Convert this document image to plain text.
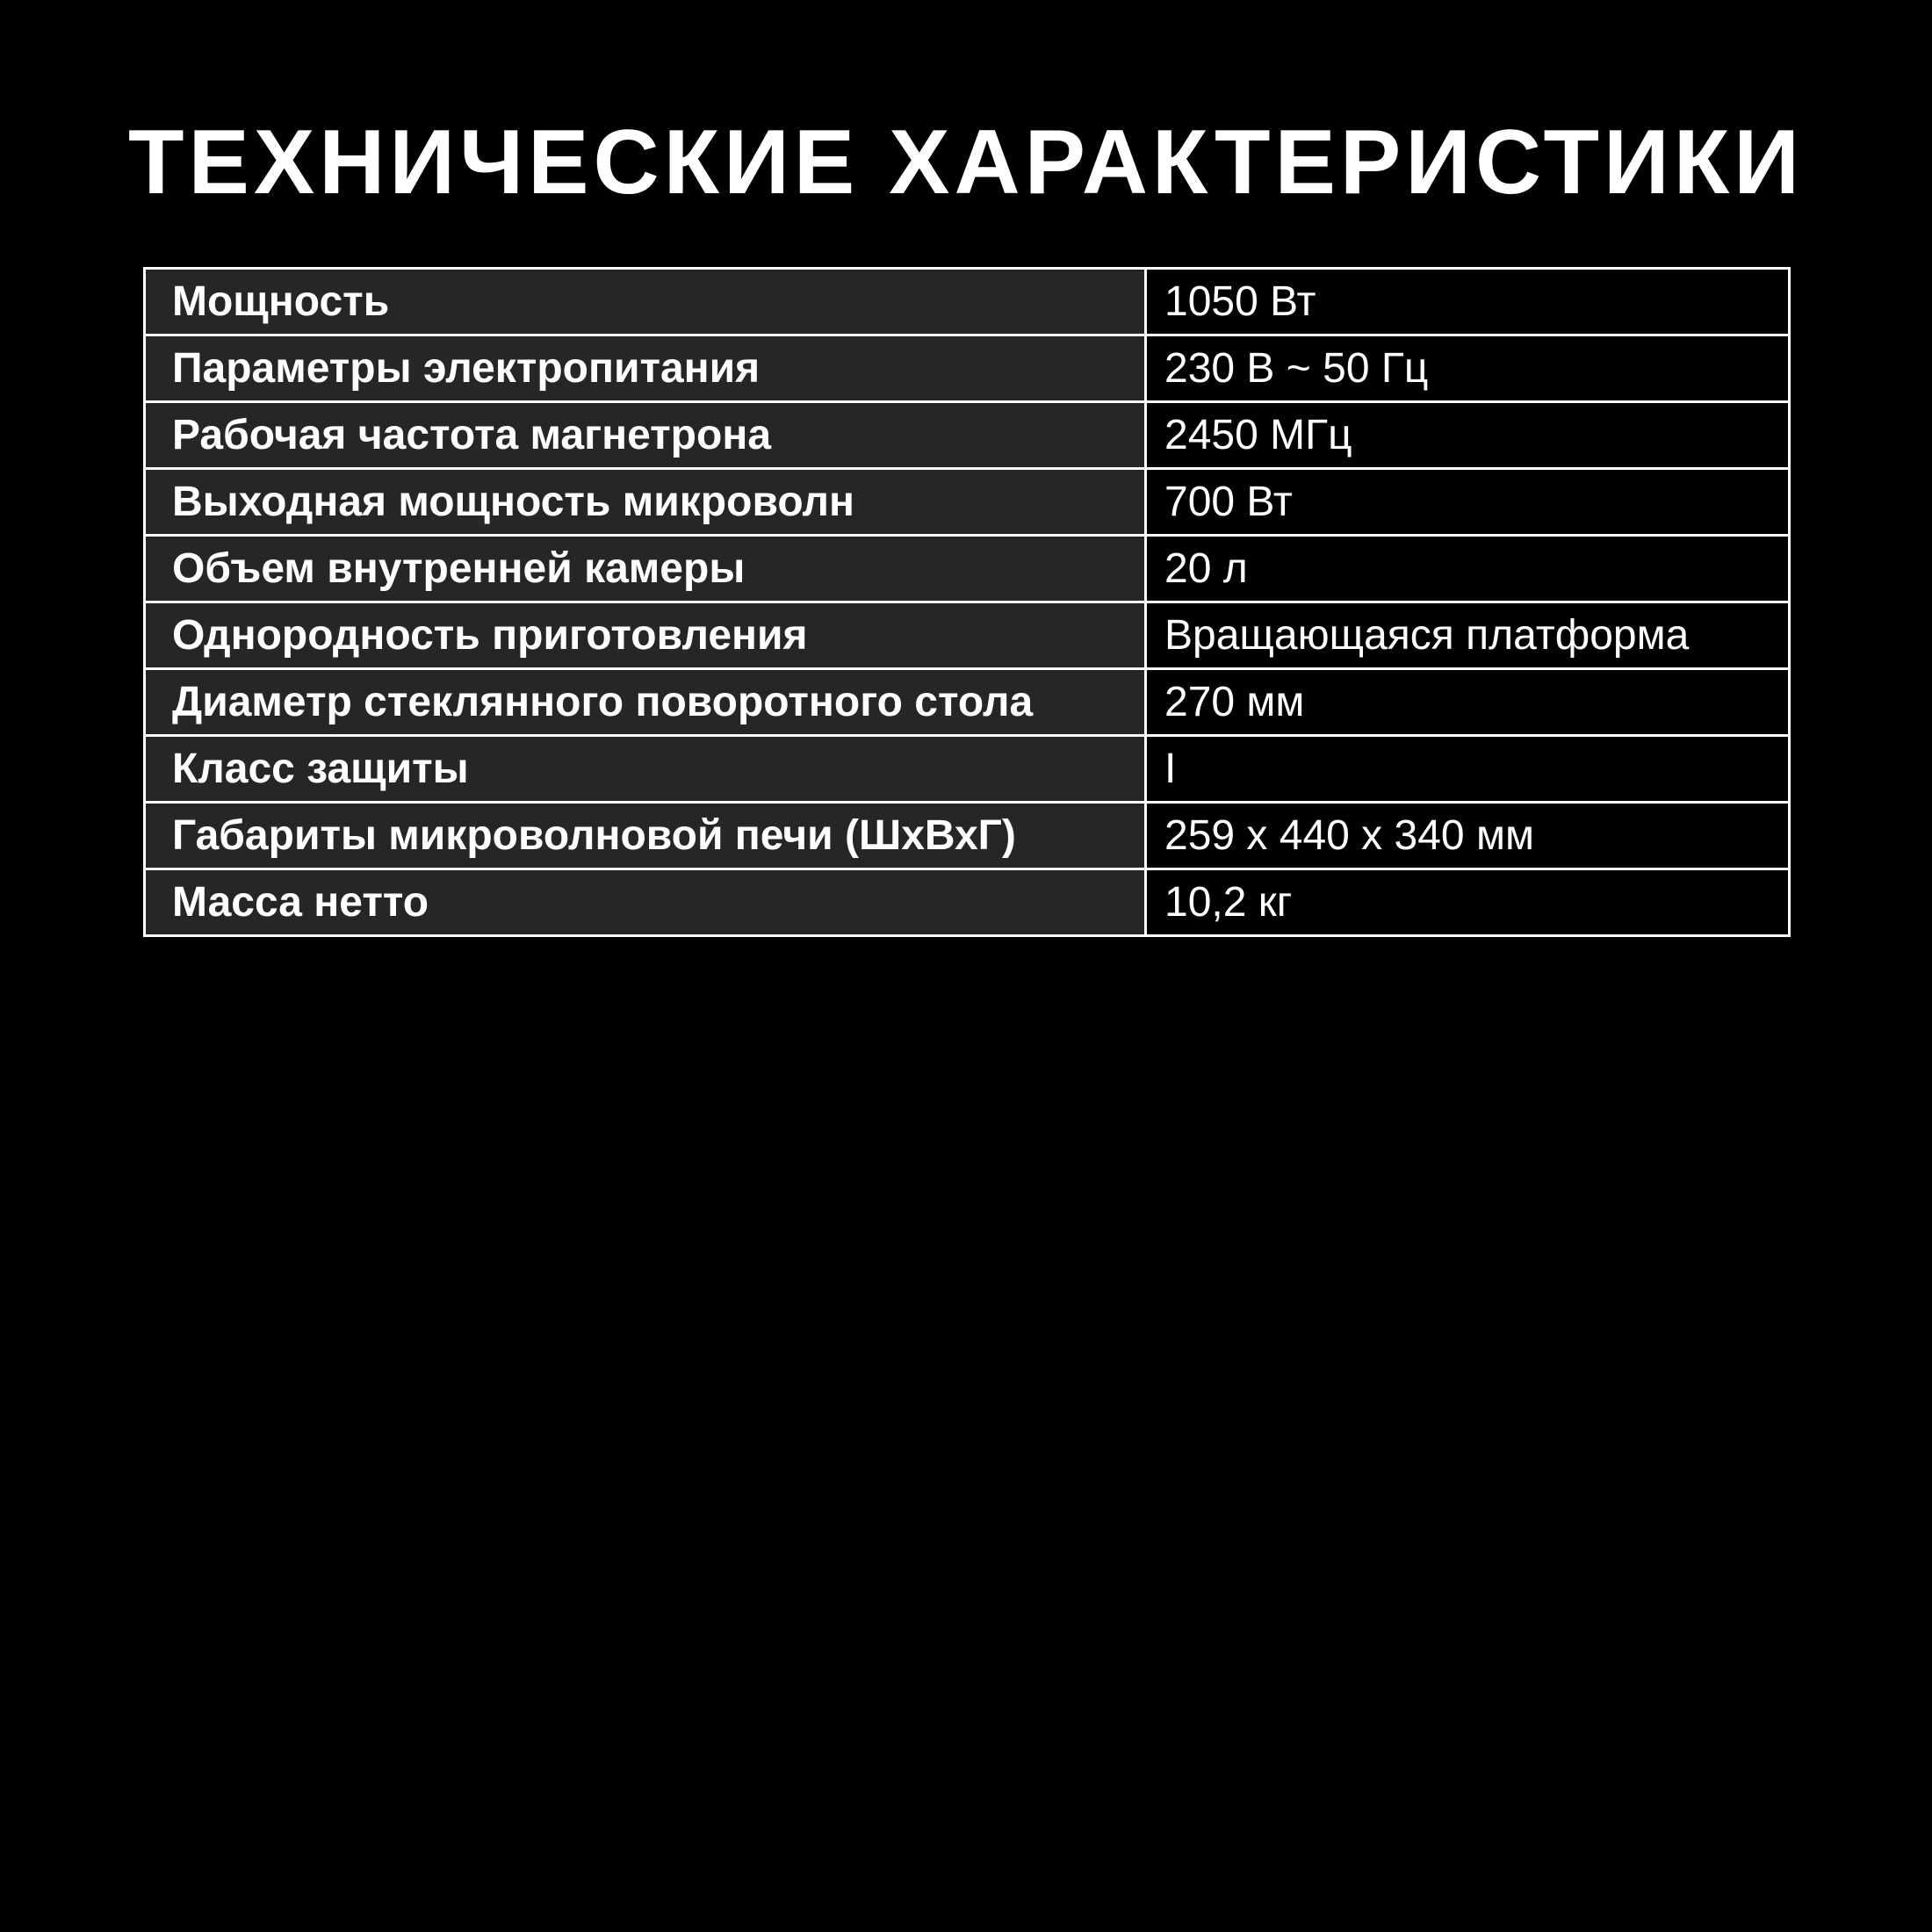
ТЕХНИЧЕСКИЕ ХАРАКТЕРИСТИКИ
Мощность	1050 Вт
Параметры электропитания	230 В ~ 50 Гц
Рабочая частота магнетрона	2450 МГц
Выходная мощность микроволн	700 Вт
Объем внутренней камеры	20 л
Однородность приготовления	Вращающаяся платформа
Диаметр стеклянного поворотного стола	270 мм
Класс защиты	I
Габариты микроволновой печи (ШхВхГ)	259 х 440 х 340 мм
Масса нетто	10,2 кг
